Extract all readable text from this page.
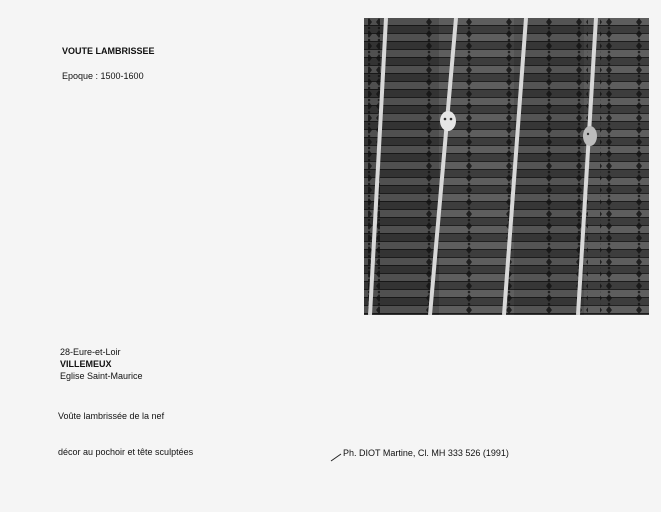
VOUTE LAMBRISSEE
Epoque : 1500-1600
28-Eure-et-Loir
VILLEMEUX
Eglise Saint-Maurice
Voûte lambrissée de la nef
décor au pochoir et tête sculptées	Ph. DIOT Martine, Cl. MH 333 526 (1991)
